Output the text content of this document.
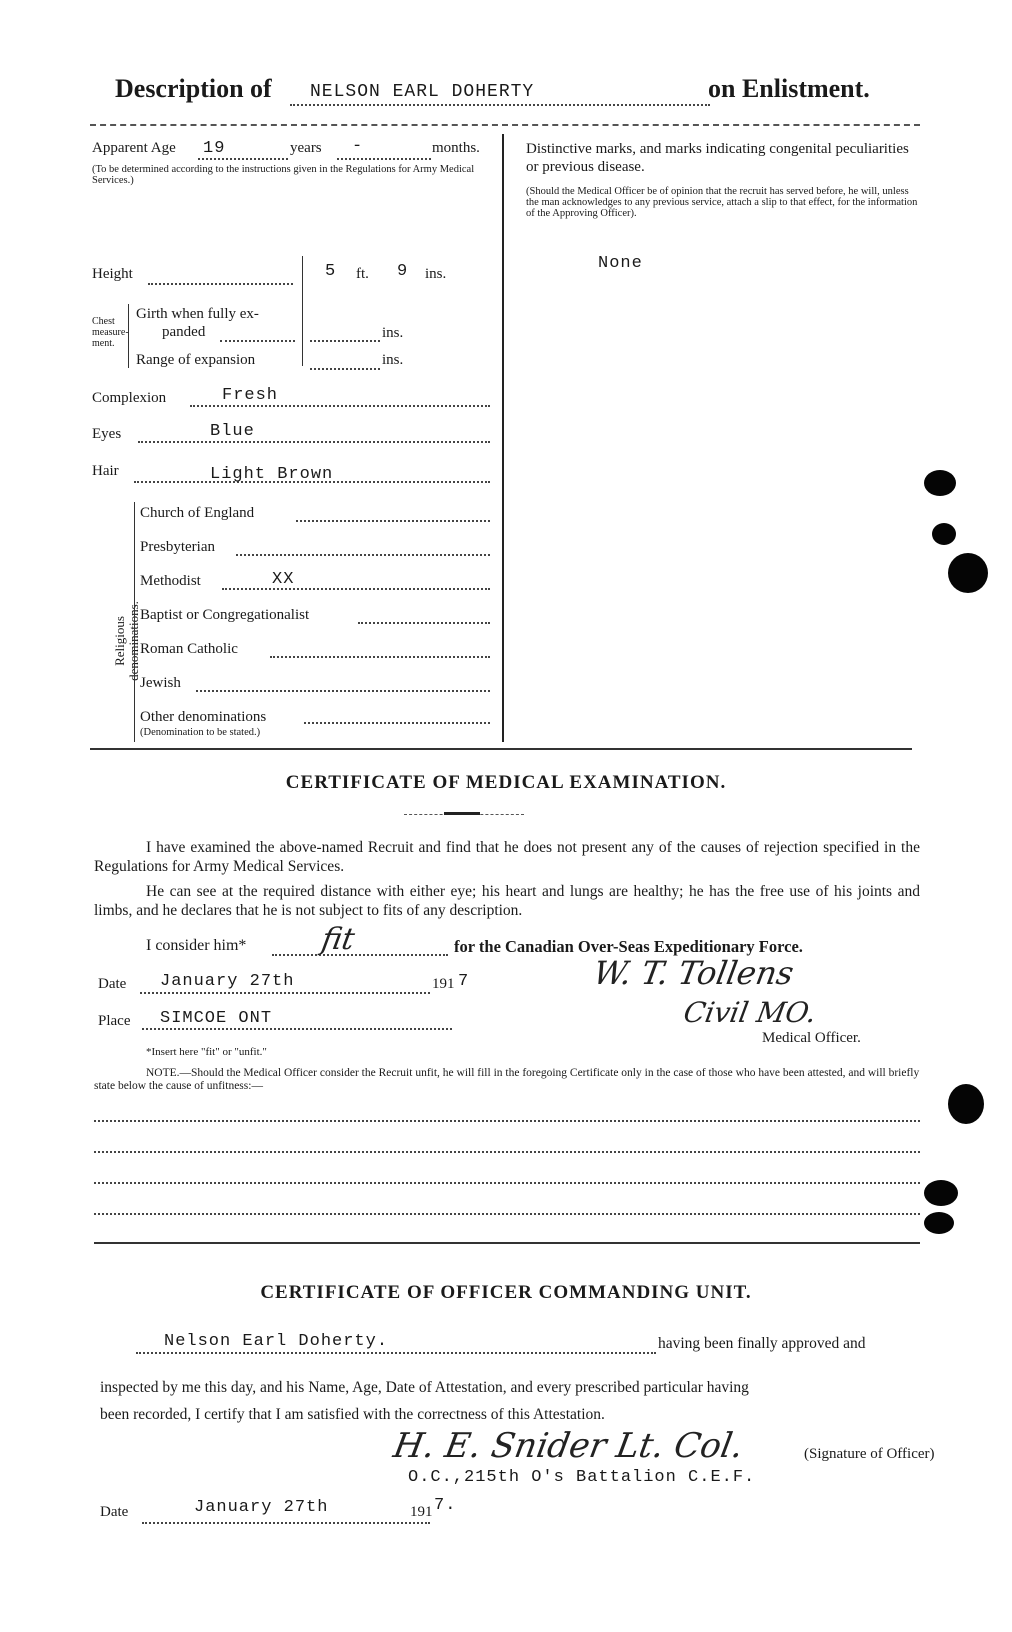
Description of NELSON EARL DOHERTY	on Enlistment.
Apparent Age 19	years -	months.
(To be determined according to the instructions given in the Regulations for Army Medical Services.)
Height	5 ft. 9 ins.
Chest measure-ment.
Girth when fully ex-
panded	ins.
Range of expansion	ins.
Complexion	Fresh
Eyes	Blue
Hair	Light Brown
Religious denominations.
Church of England
Presbyterian
Methodist	XX
Baptist or Congregationalist
Roman Catholic
Jewish
Other denominations
(Denomination to be stated.)
Distinctive marks, and marks indicating congenital peculiarities or previous disease.
(Should the Medical Officer be of opinion that the recruit has served before, he will, unless the man acknowledges to any previous service, attach a slip to that effect, for the information of the Approving Officer).
None
CERTIFICATE OF MEDICAL EXAMINATION.
I have examined the above-named Recruit and find that he does not present any of the causes of rejection specified in the Regulations for Army Medical Services.
He can see at the required distance with either eye; his heart and lungs are healthy; he has the free use of his joints and limbs, and he declares that he is not subject to fits of any description.
I consider him* fit	for the Canadian Over-Seas Expeditionary Force.
Date January 27th	191 7	W. T. Tollens
Civil MO.
Place SIMCOE ONT
Medical Officer.
*Insert here "fit" or "unfit."
NOTE.—Should the Medical Officer consider the Recruit unfit, he will fill in the foregoing Certificate only in the case of those who have been attested, and will briefly state below the cause of unfitness:—
CERTIFICATE OF OFFICER COMMANDING UNIT.
Nelson Earl Doherty.	having been finally approved and
inspected by me this day, and his Name, Age, Date of Attestation, and every prescribed particular having
been recorded, I certify that I am satisfied with the correctness of this Attestation.
H. E. Snider Lt. Col.	(Signature of Officer)
O.C.,215th O's Battalion C.E.F.
Date	January 27th	191 7.
